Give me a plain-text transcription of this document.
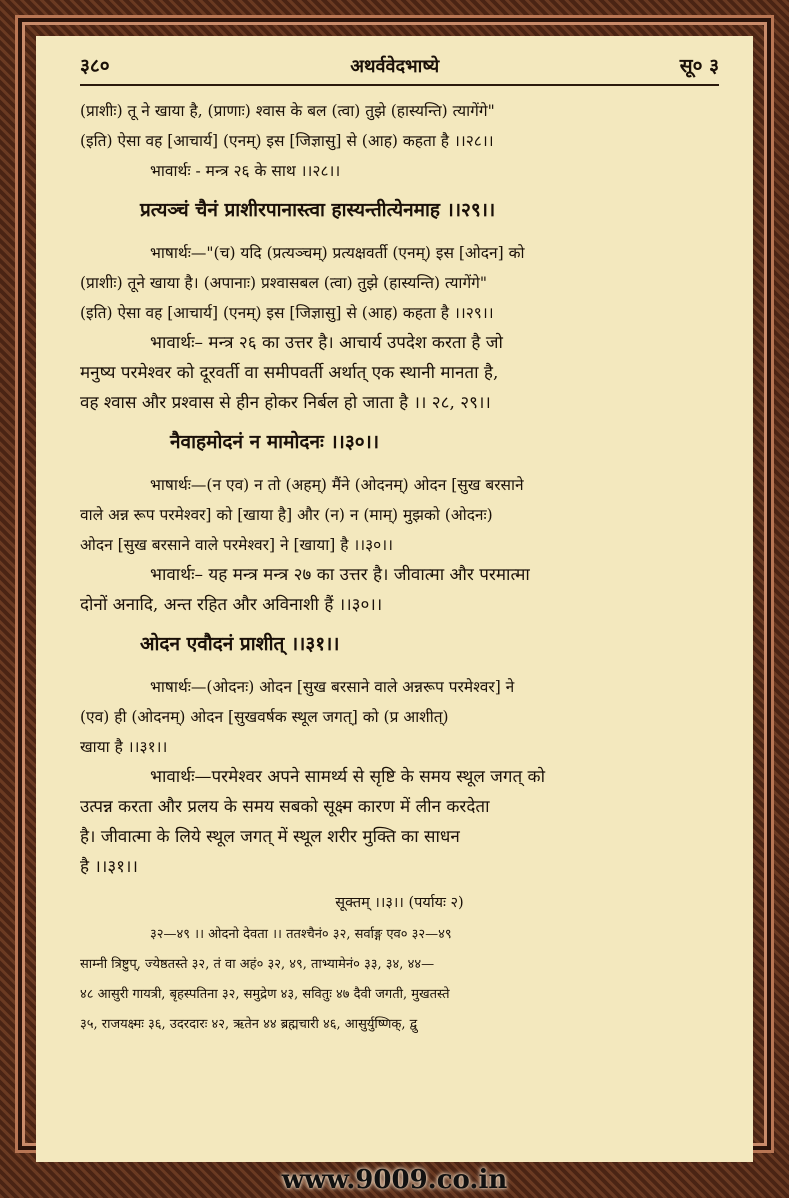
३८०	अथर्ववेदभाष्ये	सू० ३

(प्राशीः) तू ने खाया है, (प्राणाः) श्वास के बल (त्वा) तुझे (हास्यन्ति) त्यागेंगे"

(इति) ऐसा वह [आचार्य] (एनम्) इस [जिज्ञासु] से (आह) कहता है ।।२८।।

भावार्थः - मन्त्र २६ के साथ ।।२८।।

प्रत्यञ्चं चैनं प्राशीरपानास्त्वा हास्यन्तीत्येनमाह ।।२९।।

भाषार्थः—"(च) यदि (प्रत्यञ्चम्) प्रत्यक्षवर्ती (एनम्) इस [ओदन] को

(प्राशीः) तूने खाया है। (अपानाः) प्रश्वासबल (त्वा) तुझे (हास्यन्ति) त्यागेंगे"

(इति) ऐसा वह [आचार्य] (एनम्) इस [जिज्ञासु] से (आह) कहता है ।।२९।।

भावार्थः– मन्त्र २६ का उत्तर है। आचार्य उपदेश करता है जो

मनुष्य परमेश्वर को दूरवर्ती वा समीपवर्ती अर्थात् एक स्थानी मानता है,

वह श्वास और प्रश्वास से हीन होकर निर्बल हो जाता है ।। २८, २९।।

नैवाहमोदनं न मामोदनः ।।३०।।

भाषार्थः—(न एव) न तो (अहम्) मैंने (ओदनम्) ओदन [सुख बरसाने

वाले अन्न रूप परमेश्वर] को [खाया है] और (न) न (माम्) मुझको (ओदनः)

ओदन [सुख बरसाने वाले परमेश्वर] ने [खाया] है ।।३०।।

भावार्थः– यह मन्त्र मन्त्र २७ का उत्तर है। जीवात्मा और परमात्मा

दोनों अनादि, अन्त रहित और अविनाशी हैं ।।३०।।

ओदन एवौदनं प्राशीत् ।।३१।।

भाषार्थः—(ओदनः) ओदन [सुख बरसाने वाले अन्नरूप परमेश्वर] ने

(एव) ही (ओदनम्) ओदन [सुखवर्षक स्थूल जगत्] को (प्र आशीत्)

खाया है ।।३१।।

भावार्थः—परमेश्वर अपने सामर्थ्य से सृष्टि के समय स्थूल जगत् को

उत्पन्न करता और प्रलय के समय सबको सूक्ष्म कारण में लीन करदेता

है। जीवात्मा के लिये स्थूल जगत् में स्थूल शरीर मुक्ति का साधन

है ।।३१।।

सूक्तम् ।।३।। (पर्यायः २)

३२—४९ ।। ओदनो देवता ।। ततश्चैनं० ३२, सर्वाङ्ग एव० ३२—४९

साम्नी त्रिष्टुप्, ज्येष्ठतस्ते ३२, तं वा अहं० ३२, ४९, ताभ्यामेनं० ३३, ३४, ४४—

४८ आसुरी गायत्री, बृहस्पतिना ३२, समुद्रेण ४३, सवितुः ४७ दैवी जगती, मुखतस्ते

३५, राजयक्ष्मः ३६, उदरदारः ४२, ऋतेन ४४ ब्रह्मचारी ४६, आसुर्युष्णिक्, द्वु

www.9009.co.in
